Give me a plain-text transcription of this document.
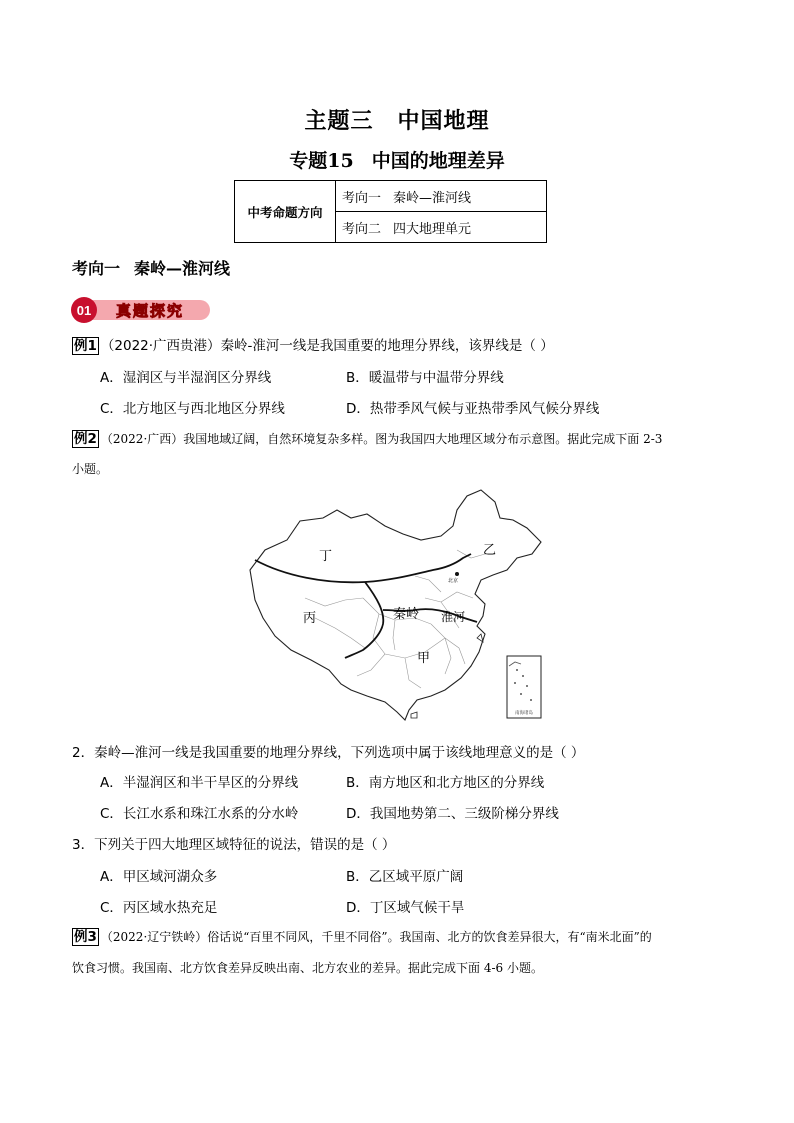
主题三 中国地理
专题15 中国的地理差异
中考命题方向	考向一 秦岭—淮河线
考向二 四大地理单元
考向一 秦岭—淮河线
01 真题探究
例1 （2022·广西贵港）秦岭-淮河一线是我国重要的地理分界线，该界线是（ ）
A．湿润区与半湿润区分界线	B．暖温带与中温带分界线
C．北方地区与西北地区分界线	D．热带季风气候与亚热带季风气候分界线
例2 （2022·广西）我国地域辽阔，自然环境复杂多样。图为我国四大地理区域分布示意图。据此完成下面 2-3
小题。
南海诸岛
丁	乙
丙
甲
秦岭 淮河
北京
2．秦岭—淮河一线是我国重要的地理分界线，下列选项中属于该线地理意义的是（ ）
A．半湿润区和半干旱区的分界线	B．南方地区和北方地区的分界线
C．长江水系和珠江水系的分水岭	D．我国地势第二、三级阶梯分界线
3．下列关于四大地理区域特征的说法，错误的是（ ）
A．甲区域河湖众多	B．乙区域平原广阔
C．丙区域水热充足	D．丁区域气候干旱
例3 （2022·辽宁铁岭）俗话说“百里不同风，千里不同俗”。我国南、北方的饮食差异很大，有“南米北面”的
饮食习惯。我国南、北方饮食差异反映出南、北方农业的差异。据此完成下面 4-6 小题。
